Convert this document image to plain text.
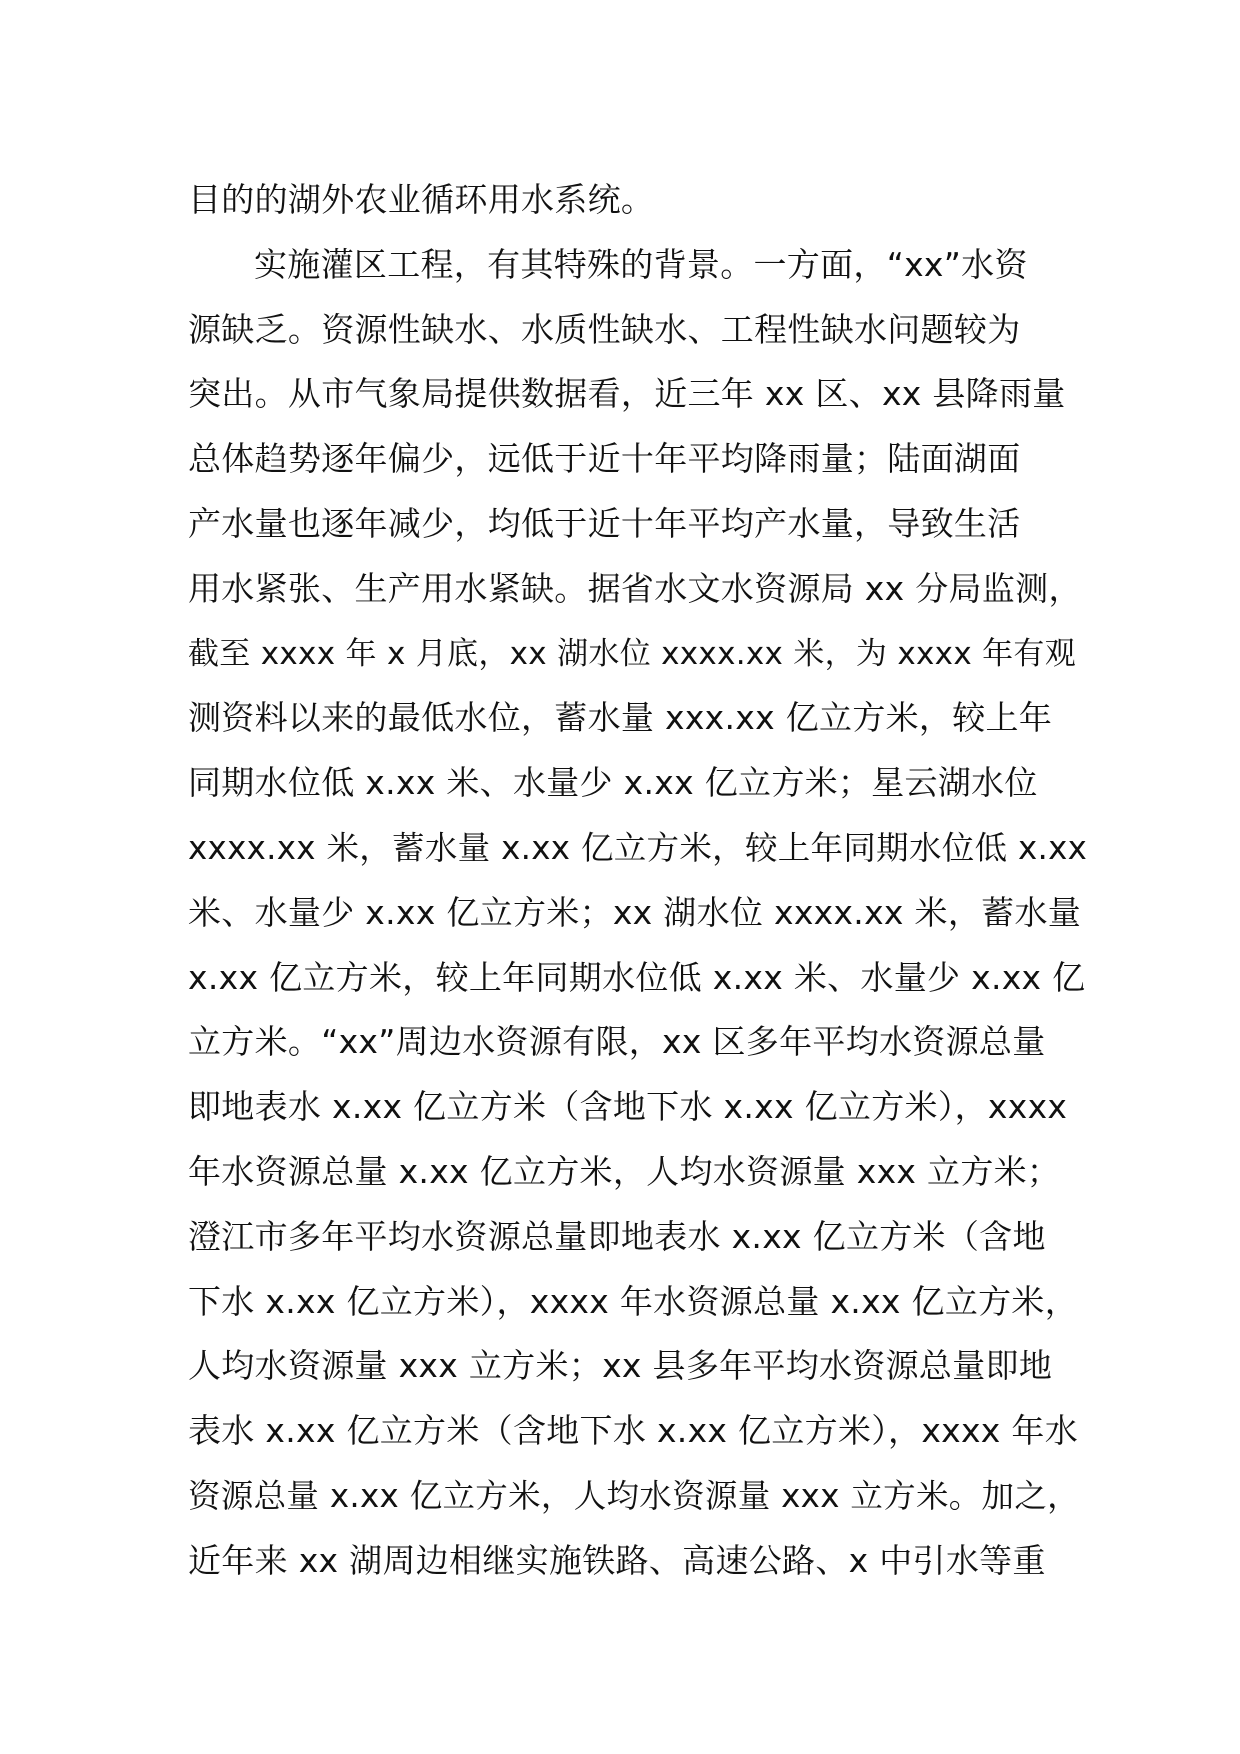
目的的湖外农业循环用水系统。
实施灌区工程，有其特殊的背景。一方面，“xx”水资
源缺乏。资源性缺水、水质性缺水、工程性缺水问题较为
突出。从市气象局提供数据看，近三年 xx 区、xx 县降雨量
总体趋势逐年偏少，远低于近十年平均降雨量；陆面湖面
产水量也逐年减少，均低于近十年平均产水量，导致生活
用水紧张、生产用水紧缺。据省水文水资源局 xx 分局监测，
截至 xxxx 年 x 月底，xx 湖水位 xxxx.xx 米，为 xxxx 年有观
测资料以来的最低水位，蓄水量 xxx.xx 亿立方米，较上年
同期水位低 x.xx 米、水量少 x.xx 亿立方米；星云湖水位
xxxx.xx 米，蓄水量 x.xx 亿立方米，较上年同期水位低 x.xx
米、水量少 x.xx 亿立方米；xx 湖水位 xxxx.xx 米，蓄水量
x.xx 亿立方米，较上年同期水位低 x.xx 米、水量少 x.xx 亿
立方米。“xx”周边水资源有限，xx 区多年平均水资源总量
即地表水 x.xx 亿立方米（含地下水 x.xx 亿立方米），xxxx
年水资源总量 x.xx 亿立方米，人均水资源量 xxx 立方米；
澄江市多年平均水资源总量即地表水 x.xx 亿立方米（含地
下水 x.xx 亿立方米），xxxx 年水资源总量 x.xx 亿立方米，
人均水资源量 xxx 立方米；xx 县多年平均水资源总量即地
表水 x.xx 亿立方米（含地下水 x.xx 亿立方米），xxxx 年水
资源总量 x.xx 亿立方米，人均水资源量 xxx 立方米。加之，
近年来 xx 湖周边相继实施铁路、高速公路、x 中引水等重
